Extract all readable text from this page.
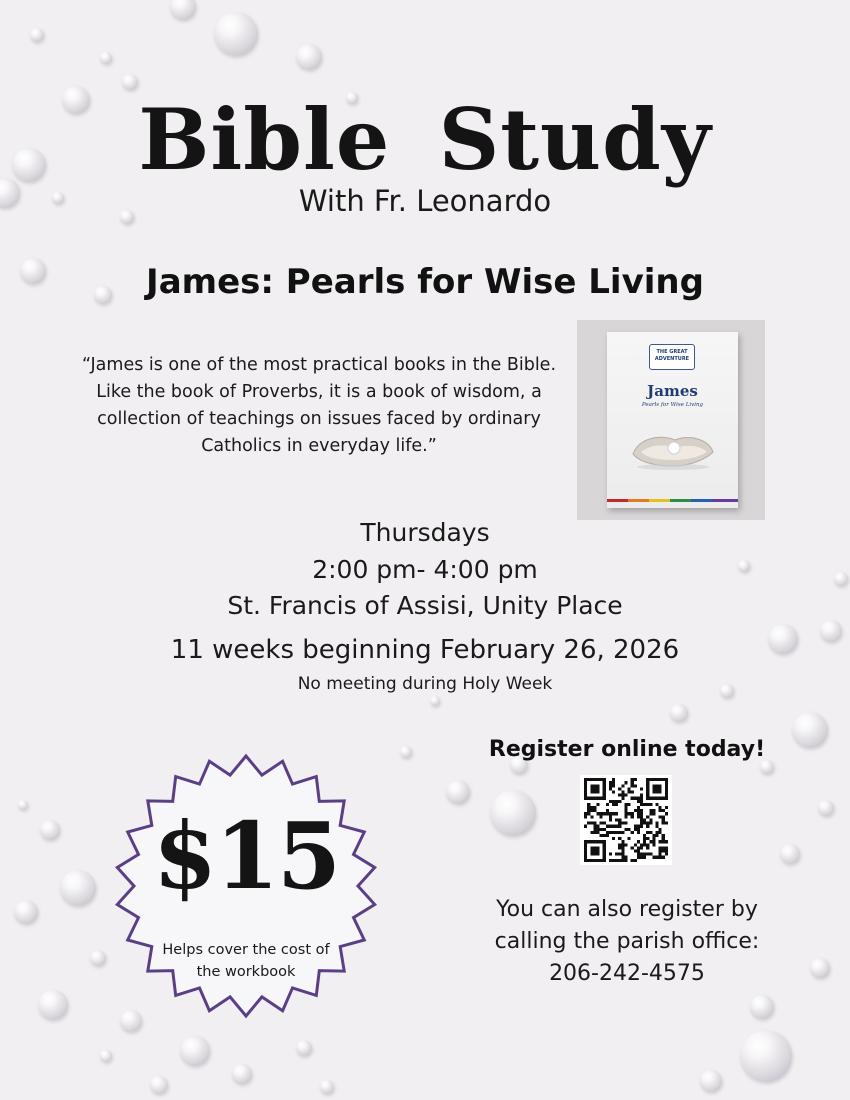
Bible Study
With Fr. Leonardo
James: Pearls for Wise Living
“James is one of the most practical books in the Bible. Like the book of Proverbs, it is a book of wisdom, a collection of teachings on issues faced by ordinary Catholics in everyday life.”
THE GREAT ADVENTURE
James
Pearls for Wise Living
Thursdays
2:00 pm- 4:00 pm
St. Francis of Assisi, Unity Place
11 weeks beginning February 26, 2026
No meeting during Holy Week
$15
Helps cover the cost of the workbook
Register online today!
You can also register by calling the parish office:
206-242-4575
